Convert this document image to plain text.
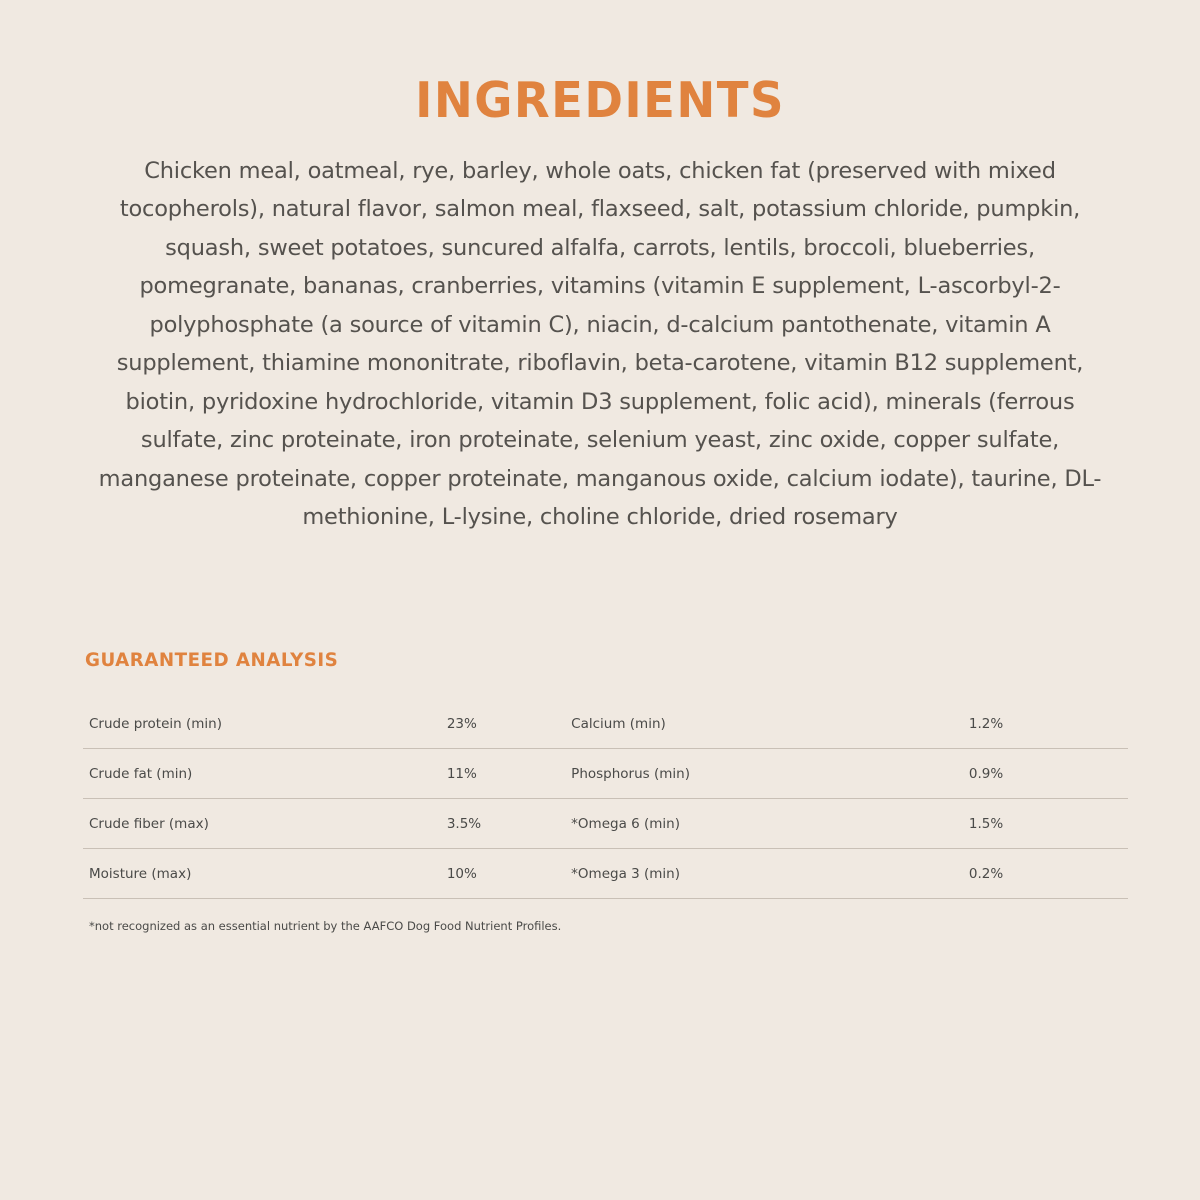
INGREDIENTS

Chicken meal, oatmeal, rye, barley, whole oats, chicken fat (preserved with mixed tocopherols), natural flavor, salmon meal, flaxseed, salt, potassium chloride, pumpkin, squash, sweet potatoes, suncured alfalfa, carrots, lentils, broccoli, blueberries, pomegranate, bananas, cranberries, vitamins (vitamin E supplement, L-ascorbyl-2-polyphosphate (a source of vitamin C), niacin, d-calcium pantothenate, vitamin A supplement, thiamine mononitrate, riboflavin, beta-carotene, vitamin B12 supplement, biotin, pyridoxine hydrochloride, vitamin D3 supplement, folic acid), minerals (ferrous sulfate, zinc proteinate, iron proteinate, selenium yeast, zinc oxide, copper sulfate, manganese proteinate, copper proteinate, manganous oxide, calcium iodate), taurine, DL-methionine, L-lysine, choline chloride, dried rosemary

GUARANTEED ANALYSIS
Crude protein (min)	23%	Calcium (min)	1.2%
Crude fat (min)	11%	Phosphorus (min)	0.9%
Crude fiber (max)	3.5%	*Omega 6 (min)	1.5%
Moisture (max)	10%	*Omega 3 (min)	0.2%
*not recognized as an essential nutrient by the AAFCO Dog Food Nutrient Profiles.
